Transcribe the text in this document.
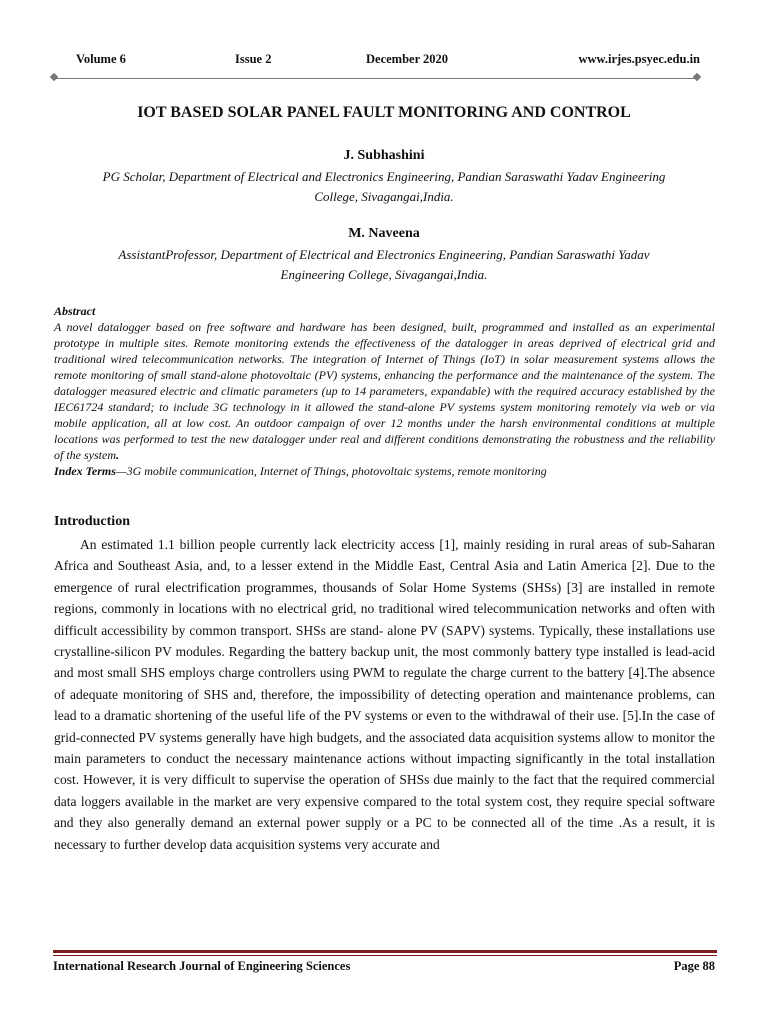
Volume 6	Issue 2	December 2020	www.irjes.psyec.edu.in
IOT BASED SOLAR PANEL FAULT MONITORING AND CONTROL
J. Subhashini
PG Scholar, Department of Electrical and Electronics Engineering, Pandian Saraswathi Yadav Engineering
College, Sivagangai,India.
M. Naveena
AssistantProfessor, Department of Electrical and Electronics Engineering, Pandian Saraswathi Yadav
Engineering College, Sivagangai,India.
Abstract
A novel datalogger based on free software and hardware has been designed, built, programmed and installed as an experimental prototype in multiple sites. Remote monitoring extends the effectiveness of the datalogger in areas deprived of electrical grid and traditional wired telecommunication networks. The integration of Internet of Things (IoT) in solar measurement systems allows the remote monitoring of small stand-alone photovoltaic (PV) systems, enhancing the performance and the maintenance of the system. The datalogger measured electric and climatic parameters (up to 14 parameters, expandable) with the required accuracy established by the IEC61724 standard; to include 3G technology in it allowed the stand-alone PV systems system monitoring remotely via web or via mobile application, all at low cost. An outdoor campaign of over 12 months under the harsh environmental conditions at multiple locations was performed to test the new datalogger under real and different conditions demonstrating the robustness and the reliability of the system.
Index Terms—3G mobile communication, Internet of Things, photovoltaic systems, remote monitoring
Introduction

An estimated 1.1 billion people currently lack electricity access [1], mainly residing in rural areas of sub-Saharan Africa and Southeast Asia, and, to a lesser extend in the Middle East, Central Asia and Latin America [2]. Due to the emergence of rural electrification programmes, thousands of Solar Home Systems (SHSs) [3] are installed in remote regions, commonly in locations with no electrical grid, no traditional wired telecommunication networks and often with difficult accessibility by common transport. SHSs are stand- alone PV (SAPV) systems. Typically, these installations use crystalline-silicon PV modules. Regarding the battery backup unit, the most commonly battery type installed is lead-acid and most small SHS employs charge controllers using PWM to regulate the charge current to the battery [4].The absence of adequate monitoring of SHS and, therefore, the impossibility of detecting operation and maintenance problems, can lead to a dramatic shortening of the useful life of the PV systems or even to the withdrawal of their use. [5].In the case of grid-connected PV systems generally have high budgets, and the associated data acquisition systems allow to monitor the main parameters to conduct the necessary maintenance actions without impacting significantly in the total installation cost. However, it is very difficult to supervise the operation of SHSs due mainly to the fact that the required commercial data loggers available in the market are very expensive compared to the total system cost, they require special software and they also generally demand an external power supply or a PC to be connected all of the time .As a result, it is necessary to further develop data acquisition systems very accurate and

International Research Journal of Engineering Sciences	Page 88
